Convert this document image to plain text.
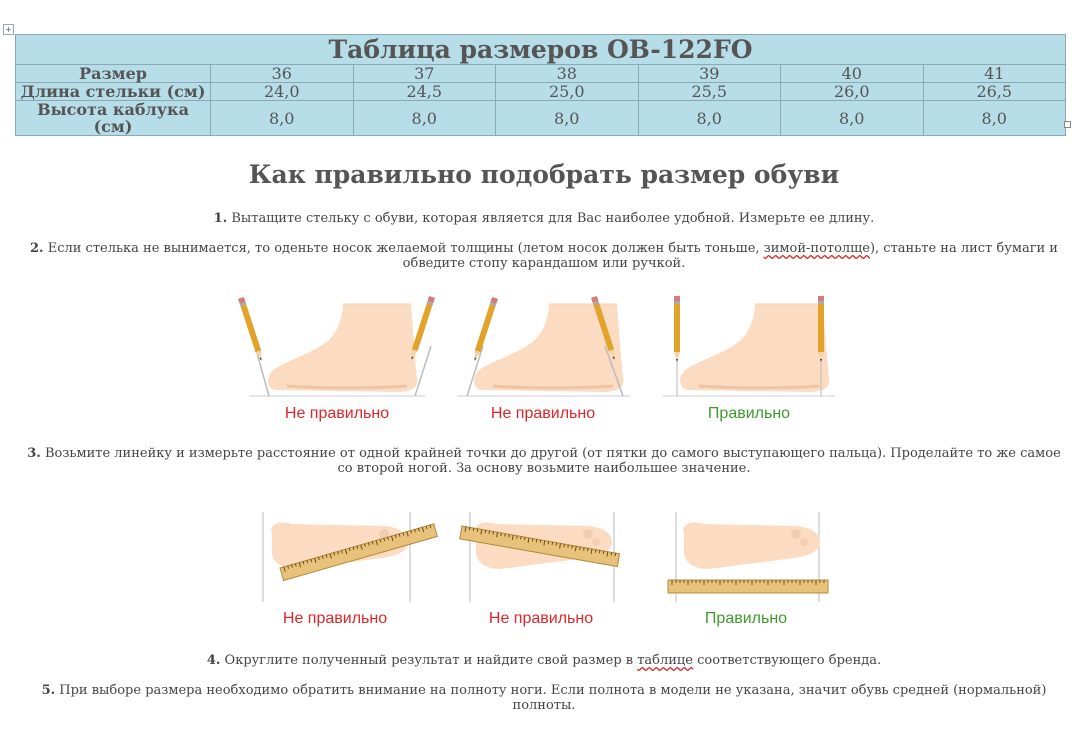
+
Таблица размеров OB-122FO						
Размер	36	37	38	39	40	41
Длина стельки (см)	24,0	24,5	25,0	25,5	26,0	26,5
Высота каблука (см)	8,0	8,0	8,0	8,0	8,0	8,0
Как правильно подобрать размер обуви

1. Вытащите стельку с обуви, которая является для Вас наиболее удобной. Измерьте ее длину.

2. Если стелька не вынимается, то оденьте носок желаемой толщины (летом носок должен быть тоньше, зимой-потолще), станьте на лист бумаги и обведите стопу карандашом или ручкой.

Не правильно	Не правильно	Правильно

3. Возьмите линейку и измерьте расстояние от одной крайней точки до другой (от пятки до самого выступающего пальца). Проделайте то же самое со второй ногой. За основу возьмите наибольшее значение.

Не правильно	Не правильно	Правильно

4. Округлите полученный результат и найдите свой размер в таблице соответствующего бренда.

5. При выборе размера необходимо обратить внимание на полноту ноги. Если полнота в модели не указана, значит обувь средней (нормальной) полноты.
